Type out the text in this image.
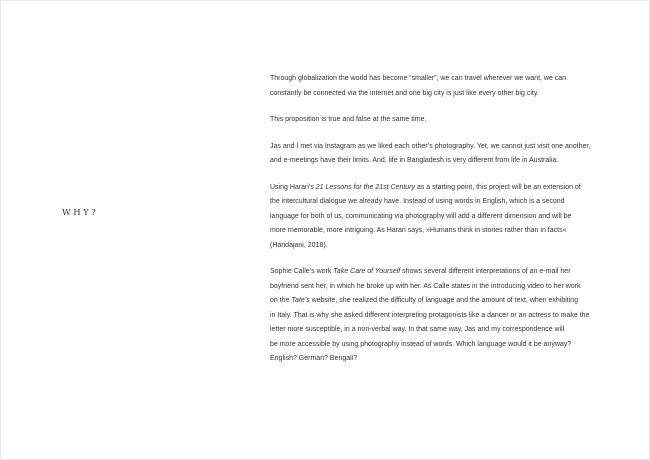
WHY?

Through globalization the world has become “smaller”, we can travel wherever we want, we can
constantly be connected via the internet and one big city is just like every other big city.

This proposition is true and false at the same time.

Jas and I met via Instagram as we liked each other’s photography. Yet, we cannot just visit one another,
and e-meetings have their limits. And, life in Bangladesh is very different from life in Australia.

Using Harari’s 21 Lessons for the 21st Century as a starting point, this project will be an extension of
the intercultural dialogue we already have. Instead of using words in English, which is a second
language for both of us, communicating via photography will add a different dimension and will be
more memorable, more intriguing. As Harari says, »Humans think in stories rather than in facts«
(Handajani, 2018).

Sophie Calle’s work Take Care of Yourself shows several different interpretations of an e-mail her
boyfriend sent her, in which he broke up with her. As Calle states in the introducing video to her work
on the Tate’s website, she realized the difficulty of language and the amount of text, when exhibiting
in Italy. That is why she asked different interpreting protagonists like a dancer or an actress to make the
letter more susceptible, in a non-verbal way. In that same way, Jas and my correspondence will
be more accessible by using photography instead of words. Which language would it be anyway?
English? German? Bengali?
